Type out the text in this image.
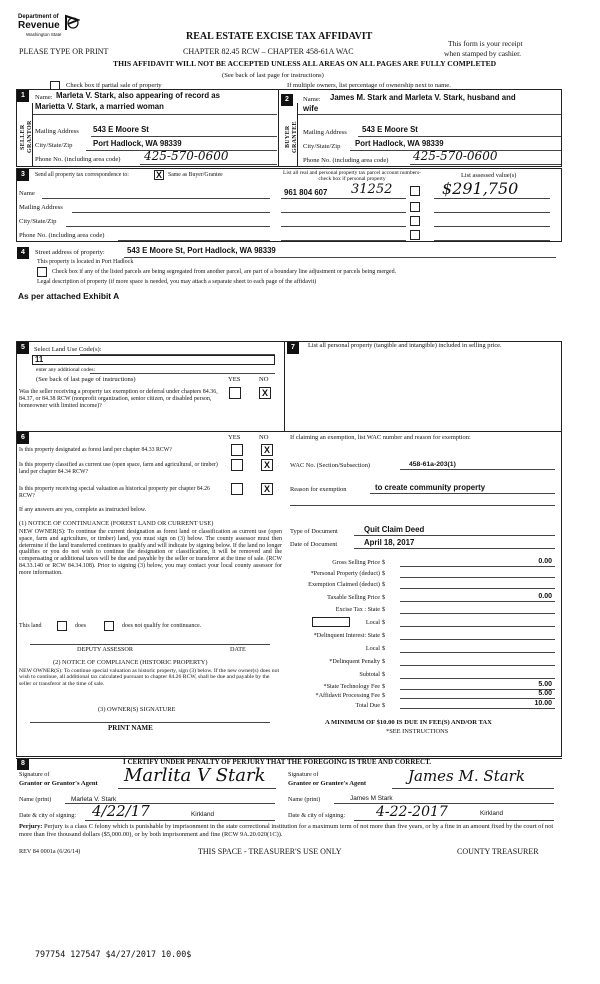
Department of
Revenue
Washington State
PLEASE TYPE OR PRINT
REAL ESTATE EXCISE TAX AFFIDAVIT
CHAPTER 82.45 RCW – CHAPTER 458-61A WAC
This form is your receipt
when stamped by cashier.
THIS AFFIDAVIT WILL NOT BE ACCEPTED UNLESS ALL AREAS ON ALL PAGES ARE FULLY COMPLETED
(See back of last page for instructions)
Check box if partial sale of property	If multiple owners, list percentage of ownership next to name.
1
SELLER GRANTOR
Name: Marleta V. Stark, also appearing of record as
Marietta V. Stark, a married woman
Mailing Address 543 E Moore St
City/State/Zip	Port Hadlock, WA 98339
Phone No. (including area code) 425-570-0600
2
BUYER GRANTEE
Name: James M. Stark and Marleta V. Stark, husband and
wife
Mailing Address 543 E Moore St
City/State/Zip Port Hadlock, WA 98339
Phone No. (including area code) 425-570-0600
3	Send all property tax correspondence to:	X	Same as Buyer/Grantee
Name
Mailing Address
City/State/Zip
Phone No. (including area code)
List all real and personal property tax parcel account numbers-check box if personal property
List assessed value(s)
961 804 607 31252	$291,750
4	Street address of property:	543 E Moore St, Port Hadlock, WA 98339
This property is located in Port Hadlock
Check box if any of the listed parcels are being segregated from another parcel, are part of a boundary line adjustment or parcels being merged.
Legal description of property (if more space is needed, you may attach a separate sheet to each page of the affidavit)
As per attached Exhibit A
5	Select Land Use Code(s):
11
enter any additional codes:
(See back of last page of instructions)	YES	NO
Was the seller receiving a property tax exemption or deferral under chapters 84.36, 84.37, or 84.38 RCW (nonprofit organization, senior citizen, or disabled person, homeowner with limited income)?
X
7	List all personal property (tangible and intangible) included in selling price.
6	YES	NO
Is this property designated as forest land per chapter 84.33 RCW?	X
Is this property classified as current use (open space, farm and agricultural, or timber) land per chapter 84.34 RCW?
X
Is this property receiving special valuation as historical property per chapter 84.26 RCW?
X
If any answers are yes, complete as instructed below.
(1) NOTICE OF CONTINUANCE (FOREST LAND OR CURRENT USE)
NEW OWNER(S): To continue the current designation as forest land or classification as current use (open space, farm and agriculture, or timber) land, you must sign on (3) below. The county assessor must then determine if the land transferred continues to qualify and will indicate by signing below. If the land no longer qualifies or you do not wish to continue the designation or classification, it will be removed and the compensating or additional taxes will be due and payable by the seller or transferor at the time of sale. (RCW 84.33.140 or RCW 84.34.108). Prior to signing (3) below, you may contact your local county assessor for more information.
This land	does	does not qualify for continuance.
DEPUTY ASSESSOR	DATE
(2) NOTICE OF COMPLIANCE (HISTORIC PROPERTY)
NEW OWNER(S): To continue special valuation as historic property, sign (3) below. If the new owner(s) does not wish to continue, all additional tax calculated pursuant to chapter 84.26 RCW, shall be due and payable by the seller or transferor at the time of sale.
(3) OWNER(S) SIGNATURE
PRINT NAME
If claiming an exemption, list WAC number and reason for exemption:
WAC No. (Section/Subsection)	458-61a-203(1)
Reason for exemption	to create community property
Type of Document	Quit Claim Deed
Date of Document	April 18, 2017
Gross Selling Price $	0.00
*Personal Property (deduct) $
Exemption Claimed (deduct) $
Taxable Selling Price $	0.00
Excise Tax : State $
Local $
*Delinquent Interest: State $
Local $
*Delinquent Penalty $
Subtotal $
*State Technology Fee $	5.00
*Affidavit Processing Fee $	5.00
Total Due $	10.00
A MINIMUM OF $10.00 IS DUE IN FEE(S) AND/OR TAX
*SEE INSTRUCTIONS
8	I CERTIFY UNDER PENALTY OF PERJURY THAT THE FOREGOING IS TRUE AND CORRECT.
Signature of
Grantor or Grantor's Agent Marlita V Stark
Name (print)	Marleta V. Stark
Date & city of signing: 4/22/17	Kirkland
Signature of
Grantee or Grantee's Agent	James M. Stark
Name (print)	James M Stark
Date & city of signing: 4-22-2017	Kirkland
Perjury: Perjury is a class C felony which is punishable by imprisonment in the state correctional institution for a maximum term of not more than five years, or by a fine in an amount fixed by the court of not more than five thousand dollars ($5,000.00), or by both imprisonment and fine (RCW 9A.20.020(1C)).
REV 84 0001a (6/26/14)	THIS SPACE - TREASURER'S USE ONLY	COUNTY TREASURER
797754 127547 $4/27/2017 10.00$
